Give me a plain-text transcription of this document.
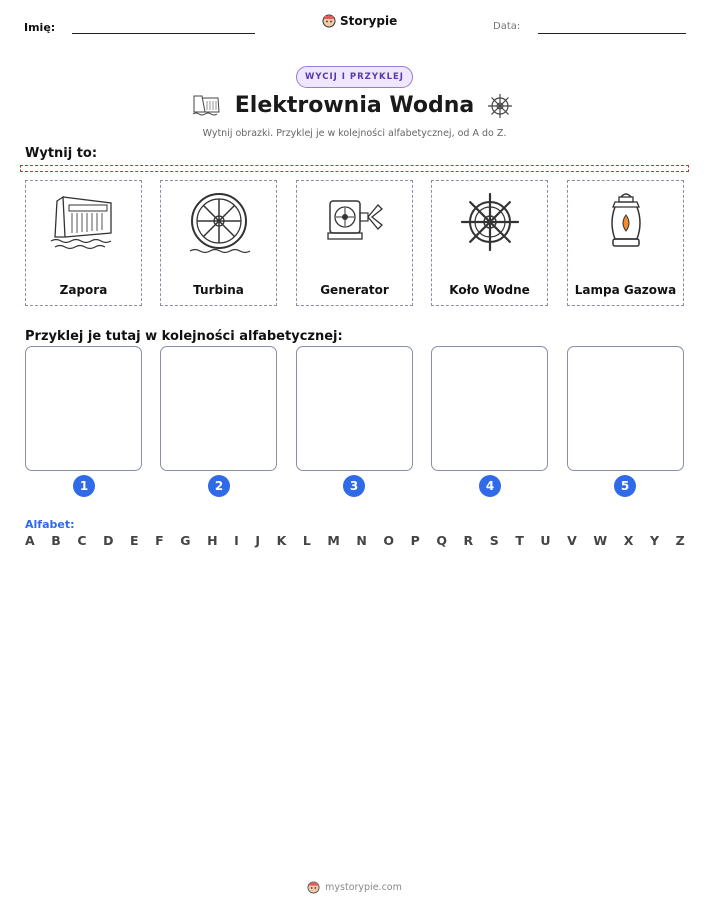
Imię:	Storypie	Data:
WYCIJ I PRZYKLEJ
Elektrownia Wodna
Wytnij obrazki. Przyklej je w kolejności alfabetycznej, od A do Z.
Wytnij to:
Zapora	Turbina	Generator	Koło Wodne	Lampa Gazowa
Przyklej je tutaj w kolejności alfabetycznej:
1	2	3	4	5
Alfabet:
A B C D E F G H I J K L M N O P Q R S T U V W X Y Z
mystorypie.com
